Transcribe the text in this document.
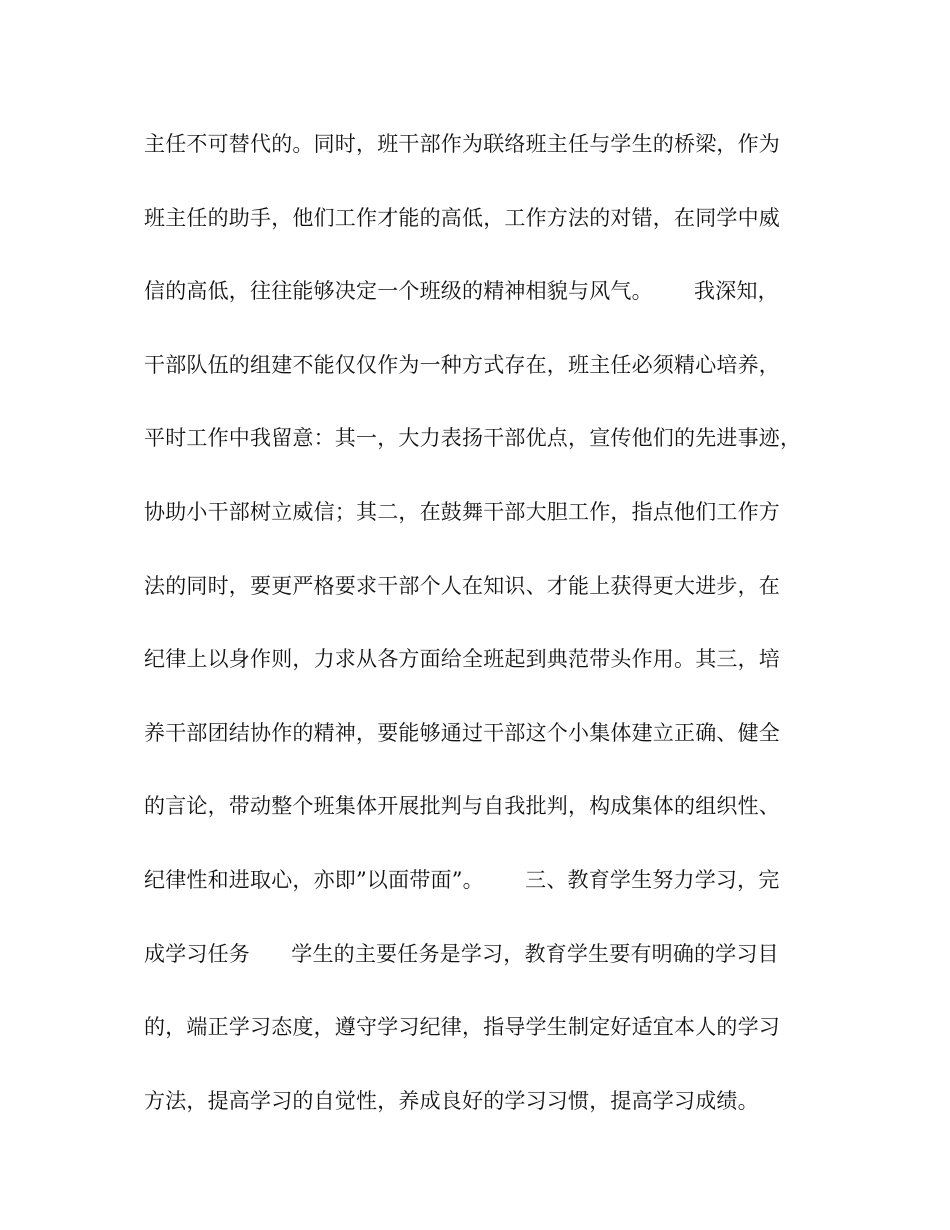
主任不可替代的。同时，班干部作为联络班主任与学生的桥梁，作为
班主任的助手，他们工作才能的高低，工作方法的对错，在同学中威
信的高低，往往能够决定一个班级的精神相貌与风气。      我深知，
干部队伍的组建不能仅仅作为一种方式存在，班主任必须精心培养，
平时工作中我留意：其一，大力表扬干部优点，宣传他们的先进事迹，
协助小干部树立威信；其二，在鼓舞干部大胆工作，指点他们工作方
法的同时，要更严格要求干部个人在知识、才能上获得更大进步，在
纪律上以身作则，力求从各方面给全班起到典范带头作用。其三，培
养干部团结协作的精神，要能够通过干部这个小集体建立正确、健全
的言论，带动整个班集体开展批判与自我批判，构成集体的组织性、
纪律性和进取心，亦即”以面带面”。      三、教育学生努力学习，完
成学习任务      学生的主要任务是学习，教育学生要有明确的学习目
的，端正学习态度，遵守学习纪律，指导学生制定好适宜本人的学习
方法，提高学习的自觉性，养成良好的学习习惯，提高学习成绩。
